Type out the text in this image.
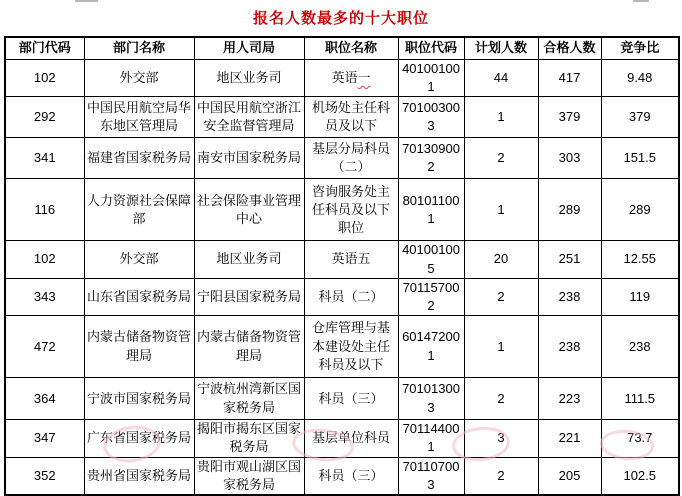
报名人数最多的十大职位
部门代码	部门名称	用人司局	职位名称	职位代码	计划人数	合格人数	竞争比
102	外交部	地区业务司	英语一	401001001	44	417	9.48
292	中国民用航空局华东地区管理局	中国民用航空浙江安全监督管理局	机场处主任科员及以下	701003003	1	379	379
341	福建省国家税务局	南安市国家税务局	基层分局科员（二）	701309002	2	303	151.5
116	人力资源社会保障部	社会保险事业管理中心	咨询服务处主任科员及以下职位	801011001	1	289	289
102	外交部	地区业务司	英语五	401001005	20	251	12.55
343	山东省国家税务局	宁阳县国家税务局	科员（二）	701157002	2	238	119
472	内蒙古储备物资管理局	内蒙古储备物资管理局	仓库管理与基本建设处主任科员及以下	601472001	1	238	238
364	宁波市国家税务局	宁波杭州湾新区国家税务局	科员（三）	701013003	2	223	111.5
347	广东省国家税务局	揭阳市揭东区国家税务局	基层单位科员	701144001	3	221	73.7
352	贵州省国家税务局	贵阳市观山湖区国家税务局	科员（三）	701107003	2	205	102.5
